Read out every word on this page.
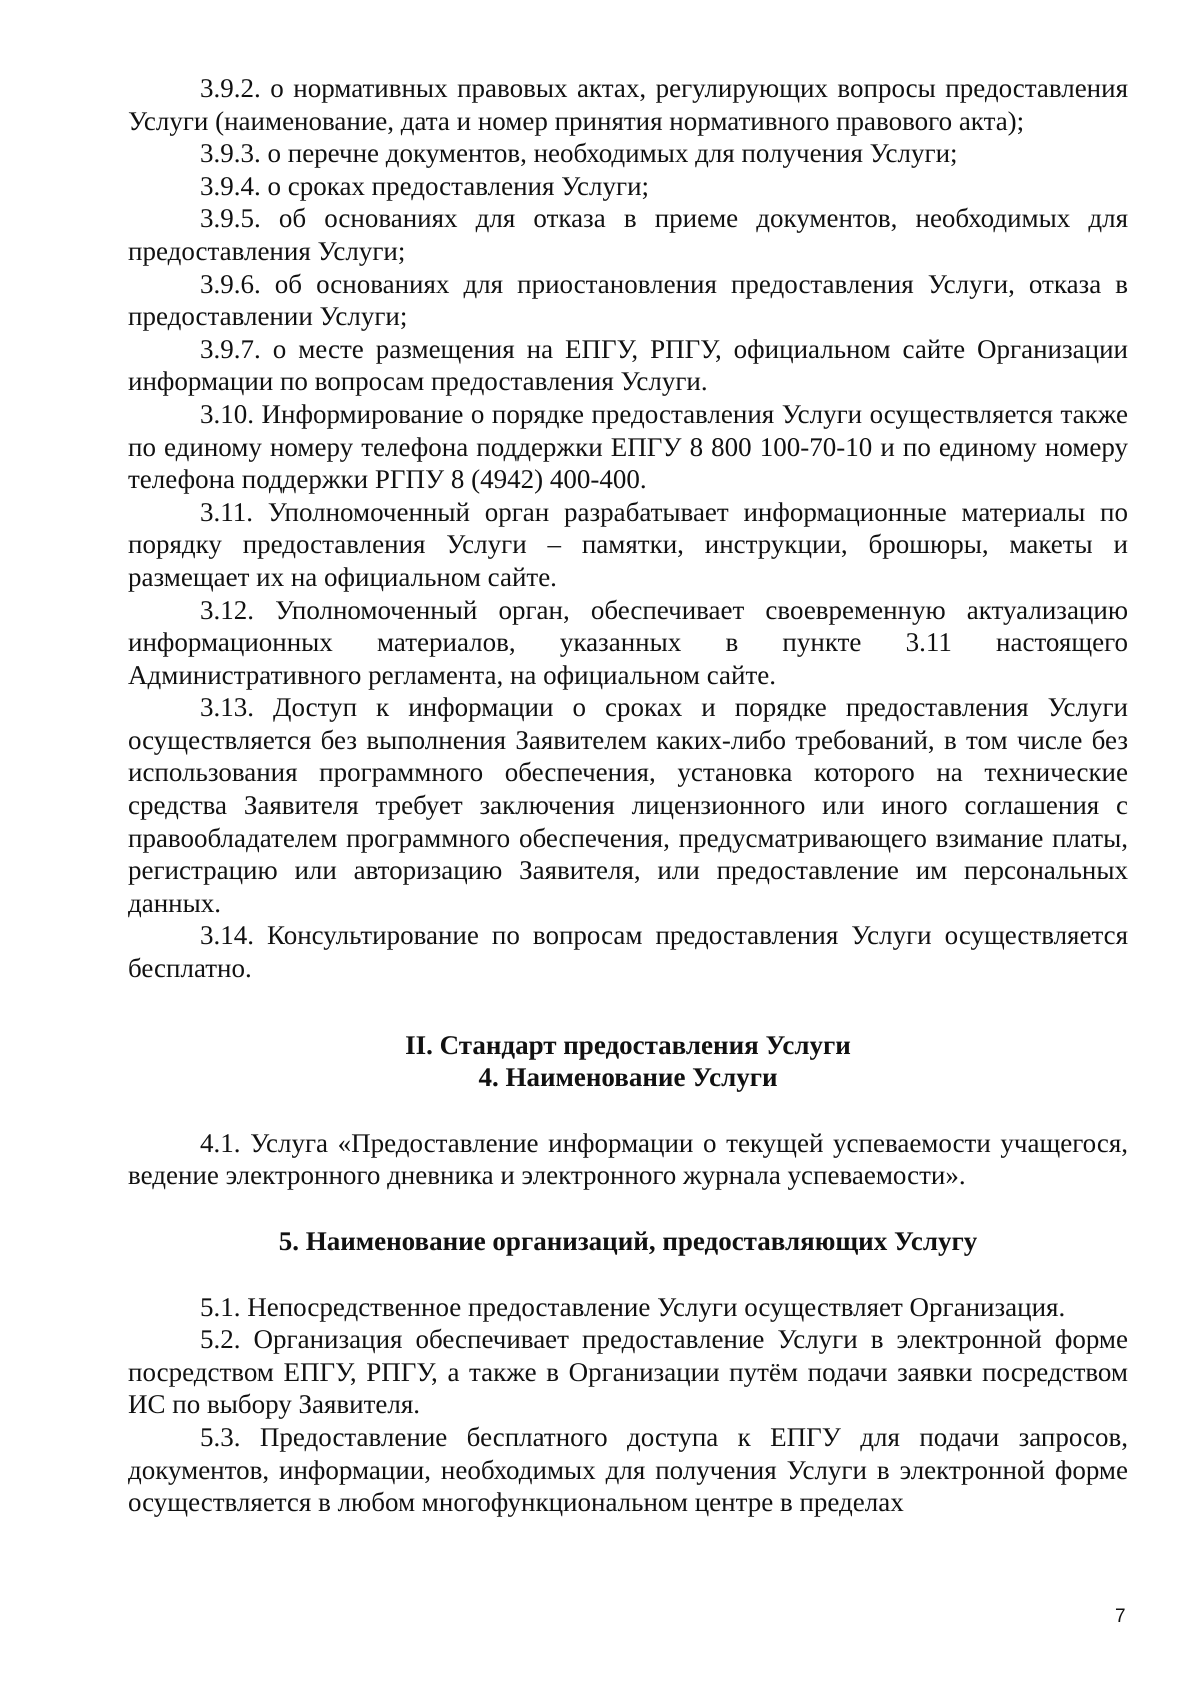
3.9.2. о нормативных правовых актах, регулирующих вопросы предоставления Услуги (наименование, дата и номер принятия нормативного правового акта);

3.9.3. о перечне документов, необходимых для получения Услуги;

3.9.4. о сроках предоставления Услуги;

3.9.5. об основаниях для отказа в приеме документов, необходимых для предоставления Услуги;

3.9.6. об основаниях для приостановления предоставления Услуги, отказа в предоставлении Услуги;

3.9.7. о месте размещения на ЕПГУ, РПГУ, официальном сайте Организации информации по вопросам предоставления Услуги.

3.10. Информирование о порядке предоставления Услуги осуществляется также по единому номеру телефона поддержки ЕПГУ 8 800 100-70-10 и по единому номеру телефона поддержки РГПУ 8 (4942) 400-400.

3.11. Уполномоченный орган разрабатывает информационные материалы по порядку предоставления Услуги – памятки, инструкции, брошюры, макеты и размещает их на официальном сайте.

3.12. Уполномоченный орган, обеспечивает своевременную актуализацию информационных материалов, указанных в пункте 3.11 настоящего Административного регламента, на официальном сайте.

3.13. Доступ к информации о сроках и порядке предоставления Услуги осуществляется без выполнения Заявителем каких-либо требований, в том числе без использования программного обеспечения, установка которого на технические средства Заявителя требует заключения лицензионного или иного соглашения с правообладателем программного обеспечения, предусматривающего взимание платы, регистрацию или авторизацию Заявителя, или предоставление им персональных данных.

3.14. Консультирование по вопросам предоставления Услуги осуществляется бесплатно.

II. Стандарт предоставления Услуги

4. Наименование Услуги

4.1. Услуга «Предоставление информации о текущей успеваемости учащегося, ведение электронного дневника и электронного журнала успеваемости».

5. Наименование организаций, предоставляющих Услугу

5.1. Непосредственное предоставление Услуги осуществляет Организация.

5.2. Организация обеспечивает предоставление Услуги в электронной форме посредством ЕПГУ, РПГУ, а также в Организации путём подачи заявки посредством ИС по выбору Заявителя.

5.3. Предоставление бесплатного доступа к ЕПГУ для подачи запросов, документов, информации, необходимых для получения Услуги в электронной форме осуществляется в любом многофункциональном центре в пределах

7
